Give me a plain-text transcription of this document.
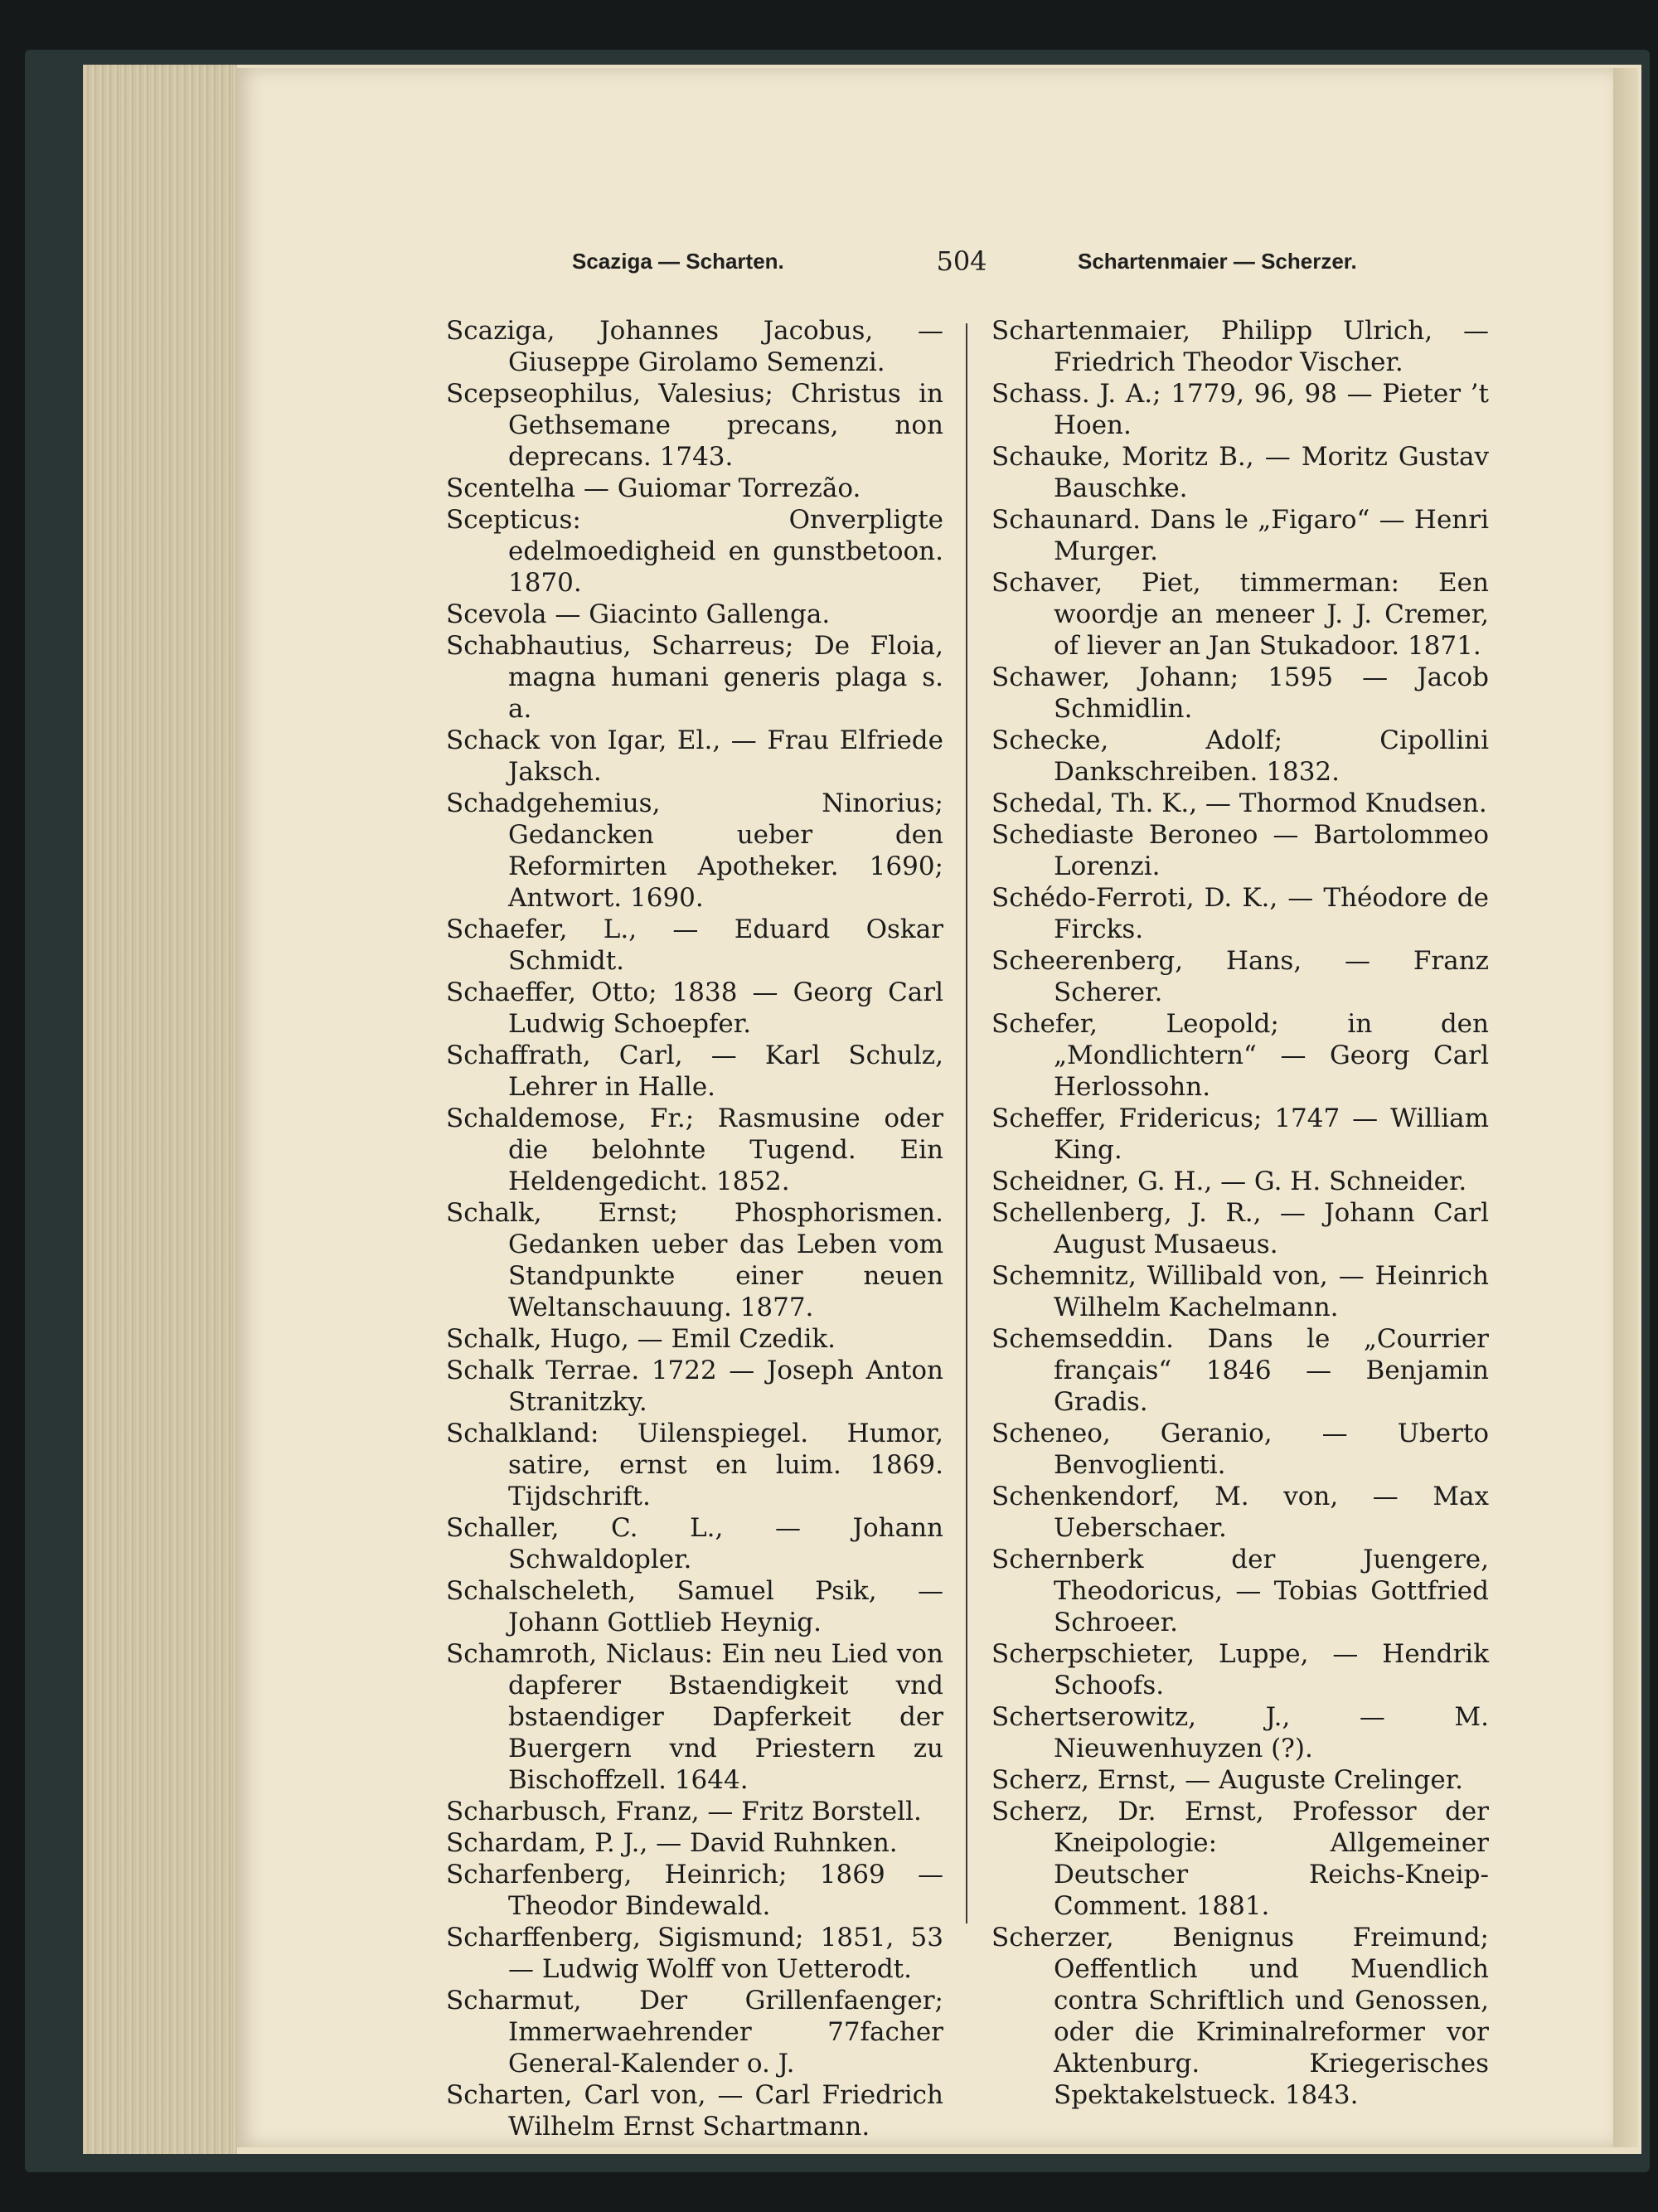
Scaziga — Scharten.	504	Schartenmaier — Scherzer.

Scaziga, Johannes Jacobus, — Giuseppe Girolamo Semenzi.

Scepseophilus, Valesius; Christus in Gethsemane precans, non deprecans. 1743.

Scentelha — Guiomar Torrezão.

Scepticus: Onverpligte edelmoedigheid en gunstbetoon. 1870.

Scevola — Giacinto Gallenga.

Schabhautius, Scharreus; De Floia, magna humani generis plaga s. a.

Schack von Igar, El., — Frau Elfriede Jaksch.

Schadgehemius, Ninorius; Gedancken ueber den Reformirten Apotheker. 1690; Antwort. 1690.

Schaefer, L., — Eduard Oskar Schmidt.

Schaeffer, Otto; 1838 — Georg Carl Ludwig Schoepfer.

Schaffrath, Carl, — Karl Schulz, Lehrer in Halle.

Schaldemose, Fr.; Rasmusine oder die belohnte Tugend. Ein Heldengedicht. 1852.

Schalk, Ernst; Phosphorismen. Gedanken ueber das Leben vom Standpunkte einer neuen Weltanschauung. 1877.

Schalk, Hugo, — Emil Czedik.

Schalk Terrae. 1722 — Joseph Anton Stranitzky.

Schalkland: Uilenspiegel. Humor, satire, ernst en luim. 1869. Tijdschrift.

Schaller, C. L., — Johann Schwaldopler.

Schalscheleth, Samuel Psik, — Johann Gottlieb Heynig.

Schamroth, Niclaus: Ein neu Lied von dapferer Bstaendigkeit vnd bstaendiger Dapferkeit der Buergern vnd Priestern zu Bischoffzell. 1644.

Scharbusch, Franz, — Fritz Borstell.

Schardam, P. J., — David Ruhnken.

Scharfenberg, Heinrich; 1869 — Theodor Bindewald.

Scharffenberg, Sigismund; 1851, 53 — Ludwig Wolff von Uetterodt.

Scharmut, Der Grillenfaenger; Immerwaehrender 77facher General-Kalender o. J.

Scharten, Carl von, — Carl Friedrich Wilhelm Ernst Schartmann.

Schartenmaier, Philipp Ulrich, — Friedrich Theodor Vischer.

Schass. J. A.; 1779, 96, 98 — Pieter ’t Hoen.

Schauke, Moritz B., — Moritz Gustav Bauschke.

Schaunard. Dans le „Figaro“ — Henri Murger.

Schaver, Piet, timmerman: Een woordje an meneer J. J. Cremer, of liever an Jan Stukadoor. 1871.

Schawer, Johann; 1595 — Jacob Schmidlin.

Schecke, Adolf; Cipollini Dankschreiben. 1832.

Schedal, Th. K., — Thormod Knudsen.

Schediaste Beroneo — Bartolommeo Lorenzi.

Schédo-Ferroti, D. K., — Théodore de Fircks.

Scheerenberg, Hans, — Franz Scherer.

Schefer, Leopold; in den „Mondlichtern“ — Georg Carl Herlossohn.

Scheffer, Fridericus; 1747 — William King.

Scheidner, G. H., — G. H. Schneider.

Schellenberg, J. R., — Johann Carl August Musaeus.

Schemnitz, Willibald von, — Heinrich Wilhelm Kachelmann.

Schemseddin. Dans le „Courrier français“ 1846 — Benjamin Gradis.

Scheneo, Geranio, — Uberto Benvoglienti.

Schenkendorf, M. von, — Max Ueberschaer.

Schernberk der Juengere, Theodoricus, — Tobias Gottfried Schroeer.

Scherpschieter, Luppe, — Hendrik Schoofs.

Schertserowitz, J., — M. Nieuwenhuyzen (?).

Scherz, Ernst, — Auguste Crelinger.

Scherz, Dr. Ernst, Professor der Kneipologie: Allgemeiner Deutscher Reichs-Kneip-Comment. 1881.

Scherzer, Benignus Freimund; Oeffentlich und Muendlich contra Schriftlich und Genossen, oder die Kriminalreformer vor Aktenburg. Kriegerisches Spektakelstueck. 1843.
